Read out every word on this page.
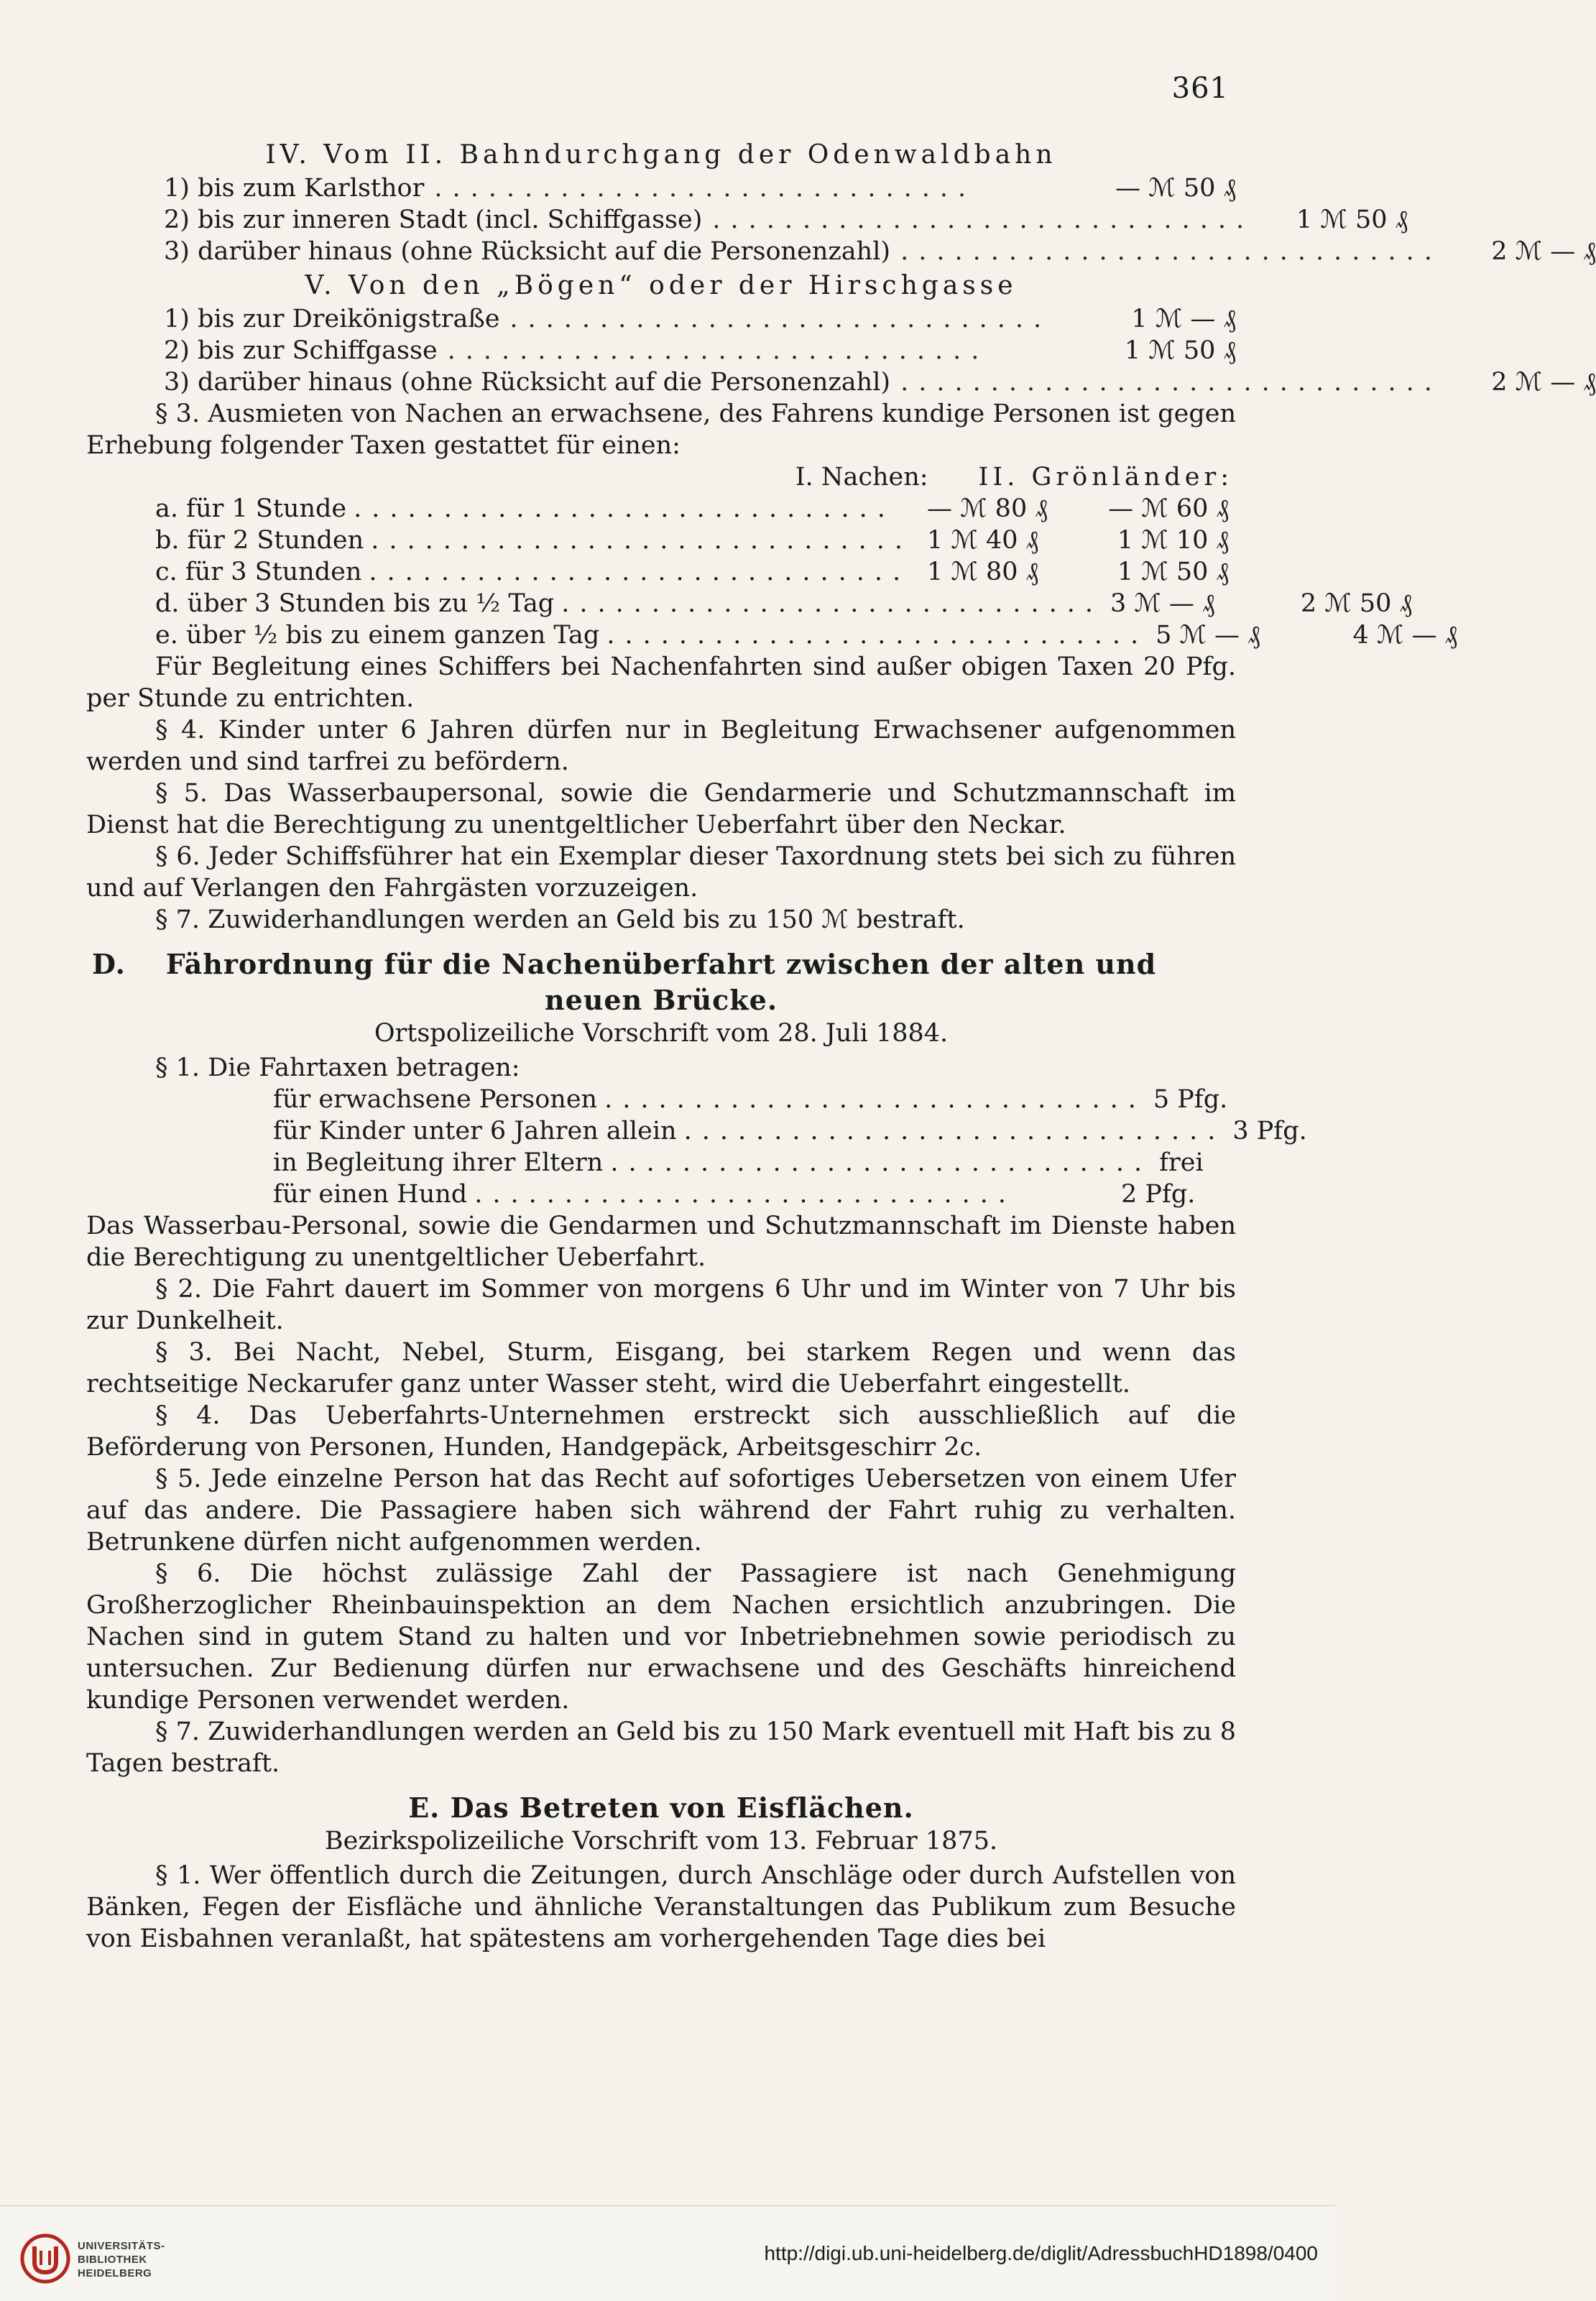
361
IV. Vom II. Bahndurchgang der Odenwaldbahn
1) bis zum Karlsthor ..............................	— ℳ 50 ₰
2) bis zur inneren Stadt (incl. Schiffgasse) ..............................	1 ℳ 50 ₰
3) darüber hinaus (ohne Rücksicht auf die Personenzahl) ..............................	2 ℳ — ₰
V. Von den „Bögen“ oder der Hirschgasse
1) bis zur Dreikönigstraße ..............................	1 ℳ — ₰
2) bis zur Schiffgasse ..............................	1 ℳ 50 ₰
3) darüber hinaus (ohne Rücksicht auf die Personenzahl) ..............................	2 ℳ — ₰

§ 3. Ausmieten von Nachen an erwachsene, des Fahrens kundige Personen ist gegen Erhebung folgender Taxen gestattet für einen:

I. Nachen: II. Grönländer:
a. für 1 Stunde ..............................	— ℳ 80 ₰	— ℳ 60 ₰
b. für 2 Stunden .............................. 1 ℳ 40 ₰	1 ℳ 10 ₰
c. für 3 Stunden .............................. 1 ℳ 80 ₰	1 ℳ 50 ₰
d. über 3 Stunden bis zu ½ Tag .............................. 3 ℳ — ₰	2 ℳ 50 ₰
e. über ½ bis zu einem ganzen Tag .............................. 5 ℳ — ₰	4 ℳ — ₰

Für Begleitung eines Schiffers bei Nachenfahrten sind außer obigen Taxen 20 Pfg. per Stunde zu entrichten.

§ 4. Kinder unter 6 Jahren dürfen nur in Begleitung Erwachsener aufgenommen werden und sind tarfrei zu befördern.

§ 5. Das Wasserbaupersonal, sowie die Gendarmerie und Schutzmannschaft im Dienst hat die Berechtigung zu unentgeltlicher Ueberfahrt über den Neckar.

§ 6. Jeder Schiffsführer hat ein Exemplar dieser Taxordnung stets bei sich zu führen und auf Verlangen den Fahrgästen vorzuzeigen.

§ 7. Zuwiderhandlungen werden an Geld bis zu 150 ℳ bestraft.

D. Fährordnung für die Nachenüberfahrt zwischen der alten und
neuen Brücke.
Ortspolizeiliche Vorschrift vom 28. Juli 1884.

§ 1. Die Fahrtaxen betragen:

für erwachsene Personen .............................. 5 Pfg.
für Kinder unter 6 Jahren allein .............................. 3 Pfg.
in Begleitung ihrer Eltern .............................. frei
für einen Hund ..............................	2 Pfg.

Das Wasserbau-Personal, sowie die Gendarmen und Schutzmannschaft im Dienste haben die Berechtigung zu unentgeltlicher Ueberfahrt.

§ 2. Die Fahrt dauert im Sommer von morgens 6 Uhr und im Winter von 7 Uhr bis zur Dunkelheit.

§ 3. Bei Nacht, Nebel, Sturm, Eisgang, bei starkem Regen und wenn das rechtseitige Neckarufer ganz unter Wasser steht, wird die Ueberfahrt eingestellt.

§ 4. Das Ueberfahrts-Unternehmen erstreckt sich ausschließlich auf die Beförderung von Personen, Hunden, Handgepäck, Arbeitsgeschirr 2c.

§ 5. Jede einzelne Person hat das Recht auf sofortiges Uebersetzen von einem Ufer auf das andere. Die Passagiere haben sich während der Fahrt ruhig zu verhalten. Betrunkene dürfen nicht aufgenommen werden.

§ 6. Die höchst zulässige Zahl der Passagiere ist nach Genehmigung Großherzoglicher Rheinbauinspektion an dem Nachen ersichtlich anzubringen. Die Nachen sind in gutem Stand zu halten und vor Inbetriebnehmen sowie periodisch zu untersuchen. Zur Bedienung dürfen nur erwachsene und des Geschäfts hinreichend kundige Personen verwendet werden.

§ 7. Zuwiderhandlungen werden an Geld bis zu 150 Mark eventuell mit Haft bis zu 8 Tagen bestraft.

E. Das Betreten von Eisflächen.
Bezirkspolizeiliche Vorschrift vom 13. Februar 1875.

§ 1. Wer öffentlich durch die Zeitungen, durch Anschläge oder durch Aufstellen von Bänken, Fegen der Eisfläche und ähnliche Veranstaltungen das Publikum zum Besuche von Eisbahnen veranlaßt, hat spätestens am vorhergehenden Tage dies bei

UNIVERSITÄTS-
BIBLIOTHEK
HEIDELBERG
http://digi.ub.uni-heidelberg.de/diglit/AdressbuchHD1898/0400
